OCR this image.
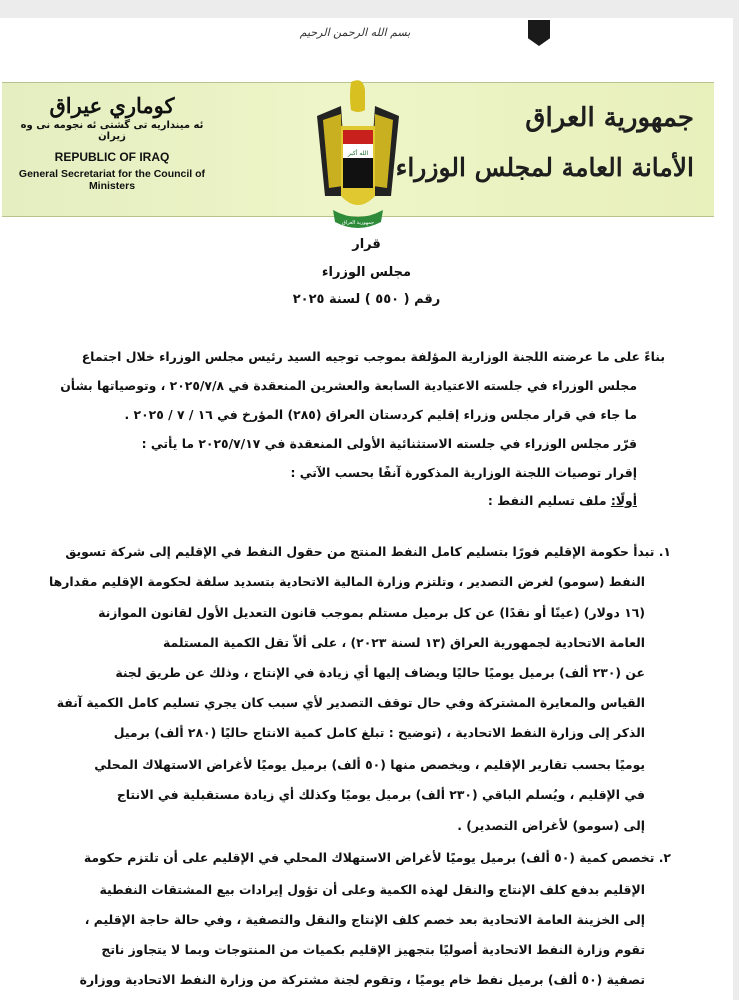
بسم الله الرحمن الرحيم
جمهورية العراق
الأمانة العامة لمجلس الوزراء
كوماري عيراق
ئه مینداریه تی گشتی ئه نجومه نی وه زیران
REPUBLIC OF IRAQ
General Secretariat for the Council of Ministers
الله أكبر
جمهورية العراق
قرار
مجلس الوزراء
رقم ( ٥٥٠ ) لسنة ٢٠٢٥
بناءً على ما عرضته اللجنة الوزارية المؤلفة بموجب توجيه السيد رئيس مجلس الوزراء خلال اجتماع
مجلس الوزراء في جلسته الاعتيادية السابعة والعشرين المنعقدة في ٢٠٢٥/٧/٨ ، وتوصياتها بشأن
ما جاء في قرار مجلس وزراء إقليم كردستان العراق (٢٨٥) المؤرخ في ١٦ / ٧ / ٢٠٢٥ .
قرّر مجلس الوزراء في جلسته الاستثنائية الأولى المنعقدة في ٢٠٢٥/٧/١٧ ما يأتي :
إقرار توصيات اللجنة الوزارية المذكورة آنفًا بحسب الآتي :
أولًا: ملف تسليم النفط :
١. تبدأ حكومة الإقليم فورًا بتسليم كامل النفط المنتج من حقول النفط في الإقليم إلى شركة تسويق
النفط (سومو) لغرض التصدير ، وتلتزم وزارة المالية الاتحادية بتسديد سلفة لحكومة الإقليم مقدارها
(١٦ دولار) (عينًا أو نقدًا) عن كل برميل مستلم بموجب قانون التعديل الأول لقانون الموازنة
العامة الاتحادية لجمهورية العراق (١٣ لسنة ٢٠٢٣) ، على ألاّ تقل الكمية المستلمة
عن (٢٣٠ ألف) برميل يوميًا حاليًا ويضاف إليها أي زيادة في الإنتاج ، وذلك عن طريق لجنة
القياس والمعايرة المشتركة وفي حال توقف التصدير لأي سبب كان يجري تسليم كامل الكمية آنفة
الذكر إلى وزارة النفط الاتحادية ، (توضيح : تبلغ كامل كمية الانتاج حاليًا (٢٨٠ ألف) برميل
يوميًا بحسب تقارير الإقليم ، ويخصص منها (٥٠ ألف) برميل يوميًا لأغراض الاستهلاك المحلي
في الإقليم ، ويُسلم الباقي (٢٣٠ ألف) برميل يوميًا وكذلك أي زيادة مستقبلية في الانتاج
إلى (سومو) لأغراض التصدير) .
٢. تخصص كمية (٥٠ ألف) برميل يوميًا لأغراض الاستهلاك المحلي في الإقليم على أن تلتزم حكومة
الإقليم بدفع كلف الإنتاج والنقل لهذه الكمية وعلى أن تؤول إيرادات بيع المشتقات النفطية
إلى الخزينة العامة الاتحادية بعد خصم كلف الإنتاج والنقل والتصفية ، وفي حالة حاجة الإقليم ،
تقوم وزارة النفط الاتحادية أصوليًا بتجهيز الإقليم بكميات من المنتوجات وبما لا يتجاوز ناتج
تصفية (٥٠ ألف) برميل نفط خام يوميًا ، وتقوم لجنة مشتركة من وزارة النفط الاتحادية ووزارة
